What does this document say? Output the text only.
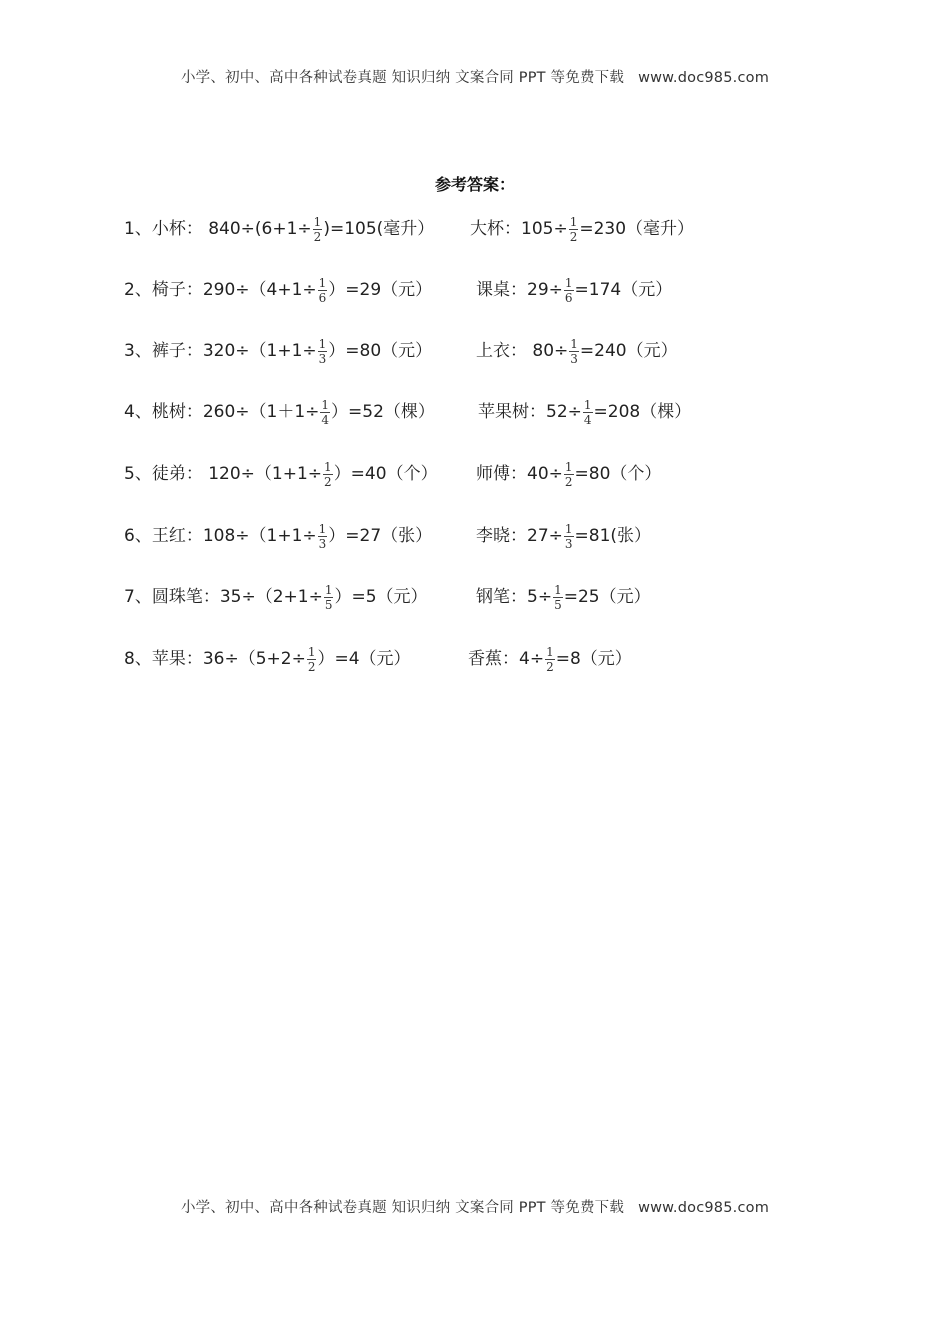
小学、初中、高中各种试卷真题 知识归纳 文案合同 PPT 等免费下载 www.doc985.com
参考答案：
1、小杯： $840\div(6+1\div \frac{1}{2} )=105$(毫升） 大杯：$105\div \frac{1}{2} =230$（毫升）
2、椅子：$290\div(4+1\div \frac{1}{6} )=29$（元）	课桌：$29\div \frac{1}{6} =174$（元）
3、裤子：$320\div(1+1\div \frac{1}{3} )=80$（元）	上衣： $80\div \frac{1}{3} =240$（元）
4、桃树：$260\div(1+1\div \frac{1}{4} )=52$（棵）	苹果树：$52\div \frac{1}{4} =208$（棵）
5、徒弟： $120\div(1+1\div \frac{1}{2} )=40$（个） 师傅：$40\div \frac{1}{2} =80$（个）
6、王红：$108\div(1+1\div \frac{1}{3} )=27$（张）	李晓：$27\div \frac{1}{3} =81$(张）
7、圆珠笔：$35\div(2+1\div \frac{1}{5} )=5$（元）	钢笔：$5\div \frac{1}{5} =25$（元）
8、苹果：$36\div(5+2\div \frac{1}{2} )=4$（元）	香蕉：$4\div \frac{1}{2} =8$（元）
小学、初中、高中各种试卷真题 知识归纳 文案合同 PPT 等免费下载 www.doc985.com
